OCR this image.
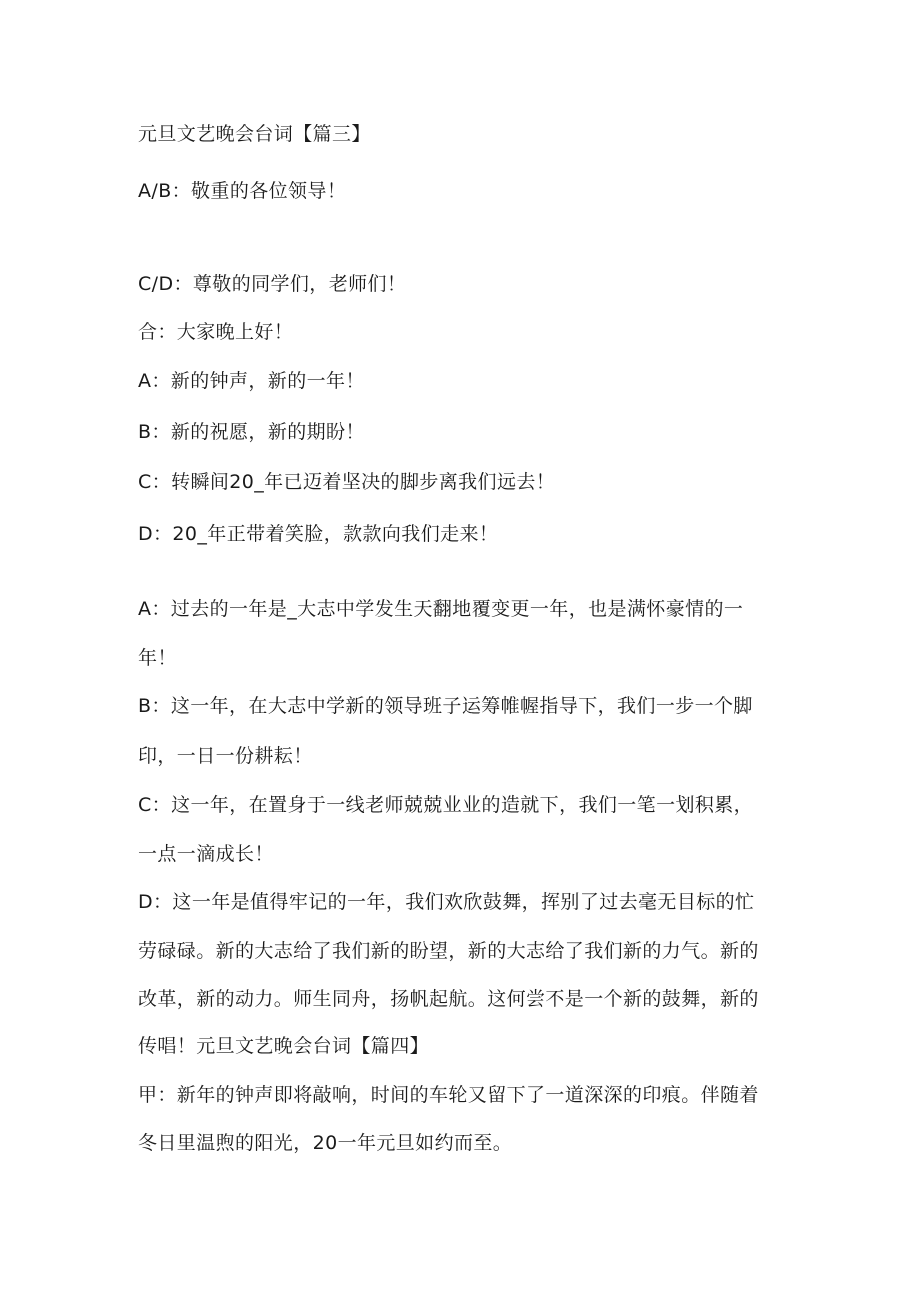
元旦文艺晚会台词【篇三】
A/B：敬重的各位领导！
C/D：尊敬的同学们，老师们！
合：大家晚上好！
A：新的钟声，新的一年！
B：新的祝愿，新的期盼！
C：转瞬间20_年已迈着坚决的脚步离我们远去！
D：20_年正带着笑脸，款款向我们走来！
A：过去的一年是_大志中学发生天翻地覆变更一年，也是满怀豪情的一
年！
B：这一年，在大志中学新的领导班子运筹帷幄指导下，我们一步一个脚
印，一日一份耕耘！
C：这一年，在置身于一线老师兢兢业业的造就下，我们一笔一划积累，
一点一滴成长！
D：这一年是值得牢记的一年，我们欢欣鼓舞，挥别了过去毫无目标的忙
劳碌碌。新的大志给了我们新的盼望，新的大志给了我们新的力气。新的
改革，新的动力。师生同舟，扬帆起航。这何尝不是一个新的鼓舞，新的
传唱！元旦文艺晚会台词【篇四】
甲：新年的钟声即将敲响，时间的车轮又留下了一道深深的印痕。伴随着
冬日里温煦的阳光，20一年元旦如约而至。
